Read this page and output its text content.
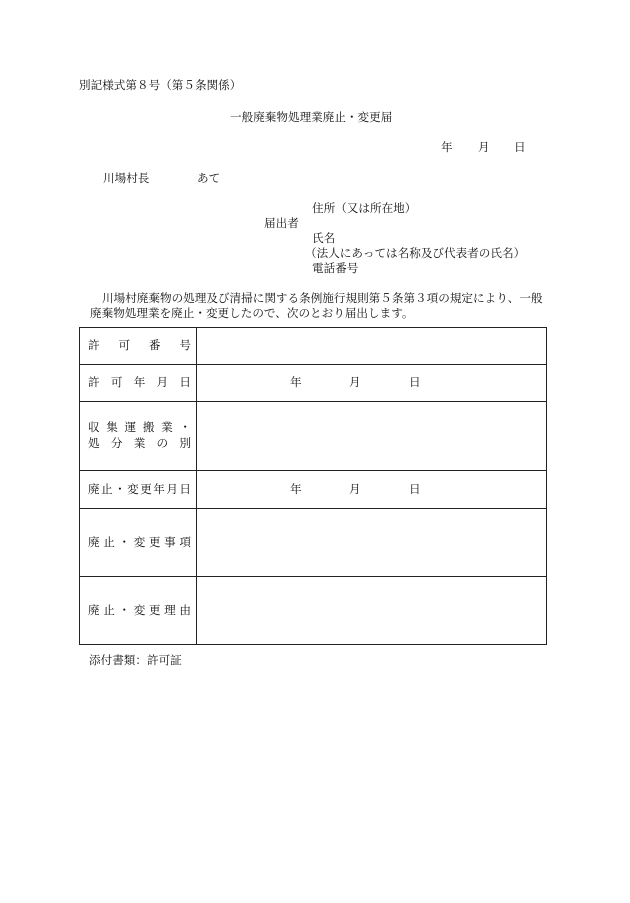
別記様式第８号（第５条関係）
一般廃棄物処理業廃止・変更届
年 月 日
川場村長	あて
住所（又は所在地）
届出者
氏名
（法人にあっては名称及び代表者の氏名）
電話番号
川場村廃棄物の処理及び清掃に関する条例施行規則第５条第３項の規定により、一般
廃棄物処理業を廃止・変更したので、次のとおり届出します。
許可番号	

許可年月日	年 月 日

収集運搬業・
処分業の別	

廃止・変更年月日	年 月 日

廃止・変更事項	

廃止・変更理由	

添付書類：許可証
